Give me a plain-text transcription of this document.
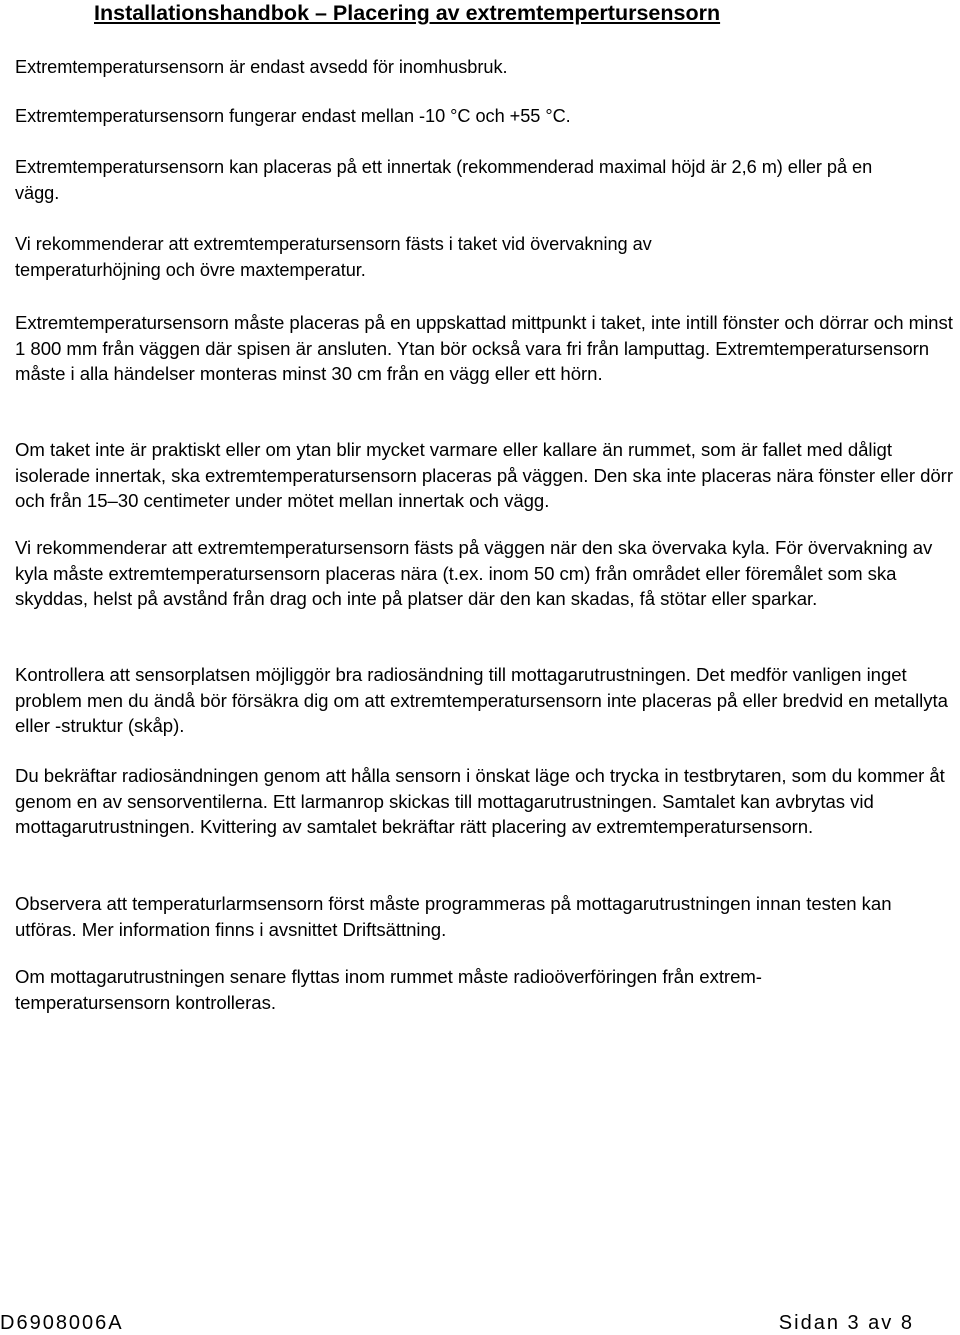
Installationshandbok – Placering av extremtempertursensorn

Extremtemperatursensorn är endast avsedd för inomhusbruk.

Extremtemperatursensorn fungerar endast mellan -10 °C och +55 °C.

Extremtemperatursensorn kan placeras på ett innertak (rekommenderad maximal höjd är 2,6 m) eller på en vägg.

Vi rekommenderar att extremtemperatursensorn fästs i taket vid övervakning av temperaturhöjning och övre maxtemperatur.

Extremtemperatursensorn måste placeras på en uppskattad mittpunkt i taket, inte intill fönster och dörrar och minst 1 800 mm från väggen där spisen är ansluten. Ytan bör också vara fri från lamputtag. Extremtemperatursensorn måste i alla händelser monteras minst 30 cm från en vägg eller ett hörn.

Om taket inte är praktiskt eller om ytan blir mycket varmare eller kallare än rummet, som är fallet med dåligt isolerade innertak, ska extremtemperatursensorn placeras på väggen. Den ska inte placeras nära fönster eller dörr och från 15–30 centimeter under mötet mellan innertak och vägg.

Vi rekommenderar att extremtemperatursensorn fästs på väggen när den ska övervaka kyla. För övervakning av kyla måste extremtemperatursensorn placeras nära (t.ex. inom 50 cm) från området eller föremålet som ska skyddas, helst på avstånd från drag och inte på platser där den kan skadas, få stötar eller sparkar.

Kontrollera att sensorplatsen möjliggör bra radiosändning till mottagarutrustningen. Det medför vanligen inget problem men du ändå bör försäkra dig om att extremtemperatursensorn inte placeras på eller bredvid en metallyta eller -struktur (skåp).

Du bekräftar radiosändningen genom att hålla sensorn i önskat läge och trycka in testbrytaren, som du kommer åt genom en av sensorventilerna. Ett larmanrop skickas till mottagarutrustningen. Samtalet kan avbrytas vid mottagarutrustningen. Kvittering av samtalet bekräftar rätt placering av extremtemperatursensorn.

Observera att temperaturlarmsensorn först måste programmeras på mottagarutrustningen innan testen kan utföras. Mer information finns i avsnittet Driftsättning.

Om mottagarutrustningen senare flyttas inom rummet måste radioöverföringen från extrem- temperatursensorn kontrolleras.

D6908006A	Sidan 3 av 8
